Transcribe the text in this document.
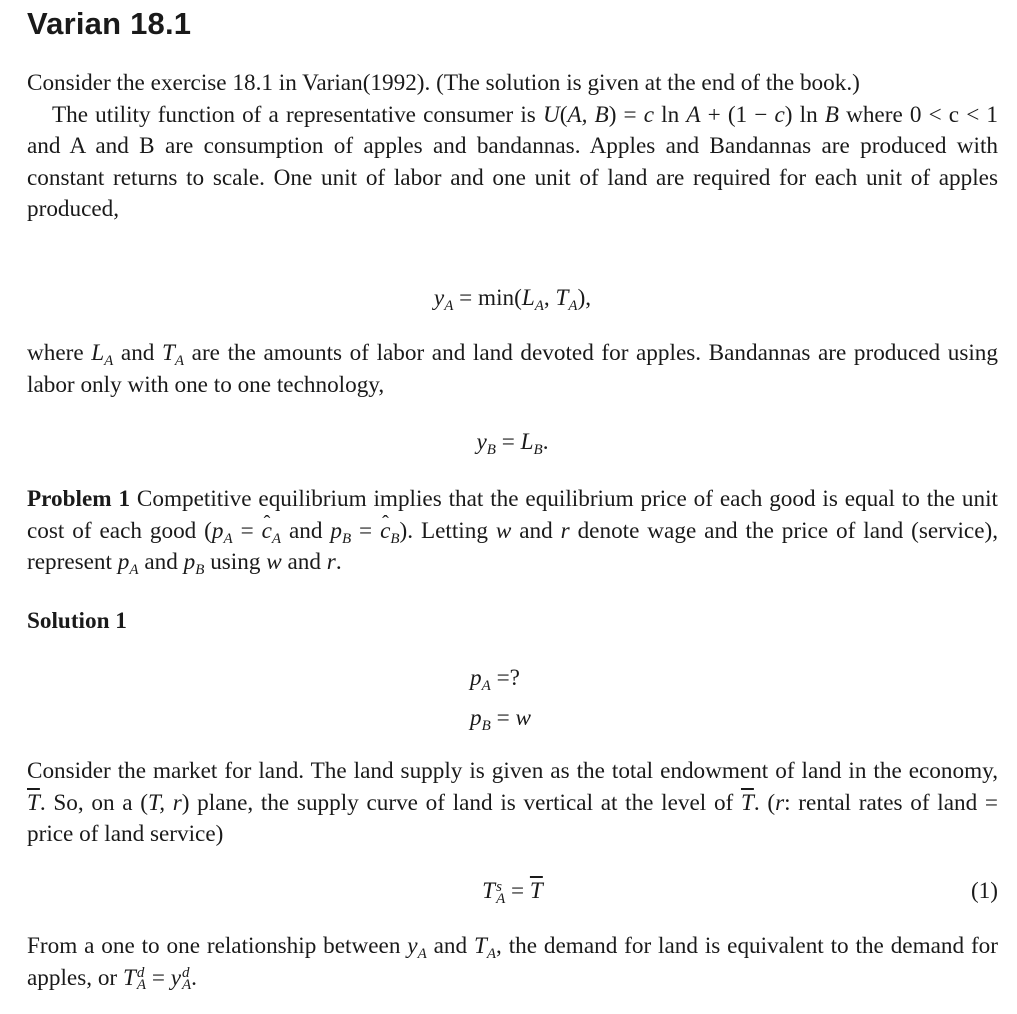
Varian 18.1
Consider the exercise 18.1 in Varian(1992). (The solution is given at the end of the book.)
The utility function of a representative consumer is U(A, B) = c ln A + (1 − c) ln B where 0 < c < 1 and A and B are consumption of apples and bandannas. Apples and Bandannas are produced with constant returns to scale. One unit of labor and one unit of land are required for each unit of apples produced,
$y_A = \min(L_A$, $T_A$),
where $L_A$ and $T_A$ are the amounts of labor and land devoted for apples. Bandannas are produced using labor only with one to one technology,
$y_B = L_B$.
Problem 1 Competitive equilibrium implies that the equilibrium price of each good is equal to the unit cost of each good ($p_A$ = ˆ $c_A$ and $p_B$ = ˆ $c_B$). Letting w and r denote wage and the price of land (service), represent $p_A$ and $p_B$ using w and r.
Solution 1
$p_A$ =?
$p_B = w$
Consider the market for land. The land supply is given as the total endowment of land in the economy, $\overline{T}$. So, on a (T, r) plane, the supply curve of land is vertical at the level of $\overline{T}$. (r: rental rates of land = price of land service)
T s
$A = \overline{T}$	(1)
From a one to one relationship between $y_A$ and $T_A$, the demand for land is equivalent to the demand for apples, or T d
A = y d
A .
